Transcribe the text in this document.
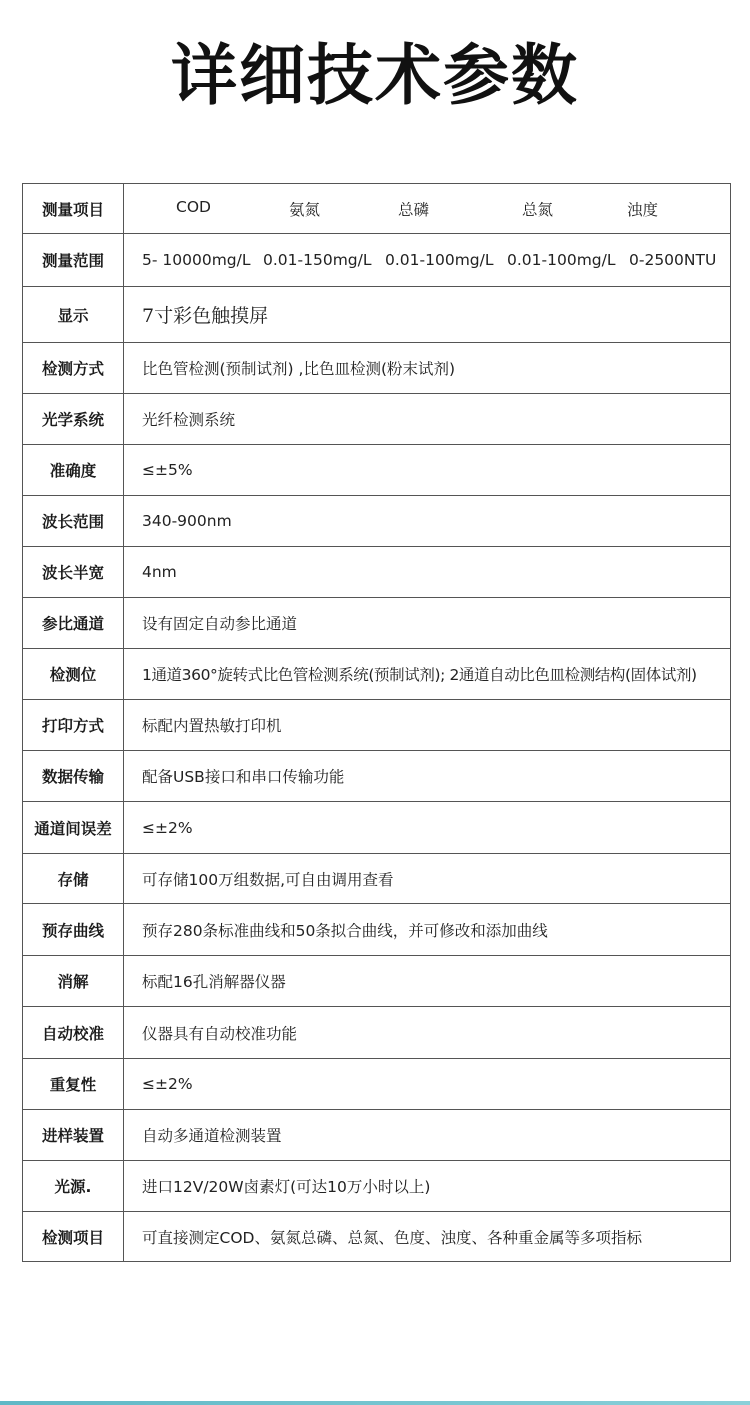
详细技术参数
测量项目	COD 氨氮 总磷 总氮 浊度

测量范围	5- 10000mg/L 0.01-150mg/L 0.01-100mg/L 0.01-100mg/L 0-2500NTU

显示	7寸彩色触摸屏
检测方式	比色管检测(预制试剂) ,比色皿检测(粉末试剂)
光学系统	光纤检测系统
准确度	≤±5%
波长范围	340-900nm
波长半宽	4nm
参比通道	设有固定自动参比通道
检测位	1通道360°旋转式比色管检测系统(预制试剂); 2通道自动比色皿检测结构(固体试剂)
打印方式	标配内置热敏打印机
数据传输	配备USB接口和串口传输功能
通道间误差	≤±2%
存储	可存储100万组数据,可自由调用查看
预存曲线	预存280条标准曲线和50条拟合曲线，并可修改和添加曲线
消解	标配16孔消解器仪器
自动校准	仪器具有自动校准功能
重复性	≤±2%
进样装置	自动多通道检测装置
光源.	进口12V/20W卤素灯(可达10万小时以上)
检测项目	可直接测定COD、氨氮总磷、总氮、色度、浊度、各种重金属等多项指标
